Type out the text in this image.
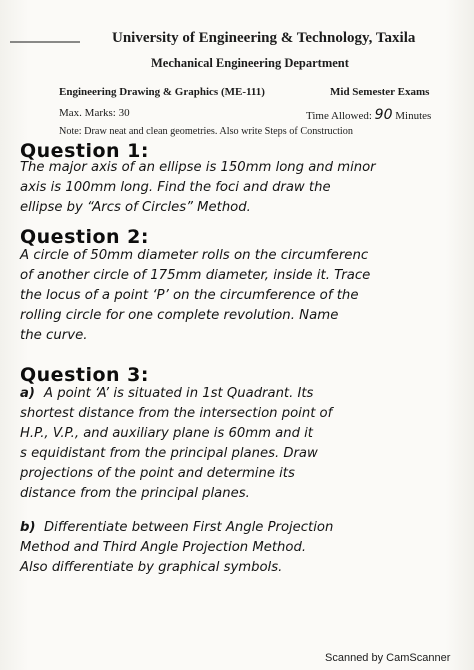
University of Engineering & Technology, Taxila
Mechanical Engineering Department
Engineering Drawing & Graphics (ME-111)	Mid Semester Exams
Max. Marks: 30	Time Allowed: 90 Minutes
Note: Draw neat and clean geometries. Also write Steps of Construction
Question 1:
The major axis of an ellipse is 150mm long and minor
axis is 100mm long. Find the foci and draw the
ellipse by “Arcs of Circles” Method.
Question 2:
A circle of 50mm diameter rolls on the circumferenc
of another circle of 175mm diameter, inside it. Trace
the locus of a point ‘P’ on the circumference of the
rolling circle for one complete revolution. Name
the curve.
Question 3:
a) A point ‘A’ is situated in 1st Quadrant. Its
shortest distance from the intersection point of
H.P., V.P., and auxiliary plane is 60mm and it
s equidistant from the principal planes. Draw
projections of the point and determine its
distance from the principal planes.
b) Differentiate between First Angle Projection
Method and Third Angle Projection Method.
Also differentiate by graphical symbols.
Scanned by CamScanner
